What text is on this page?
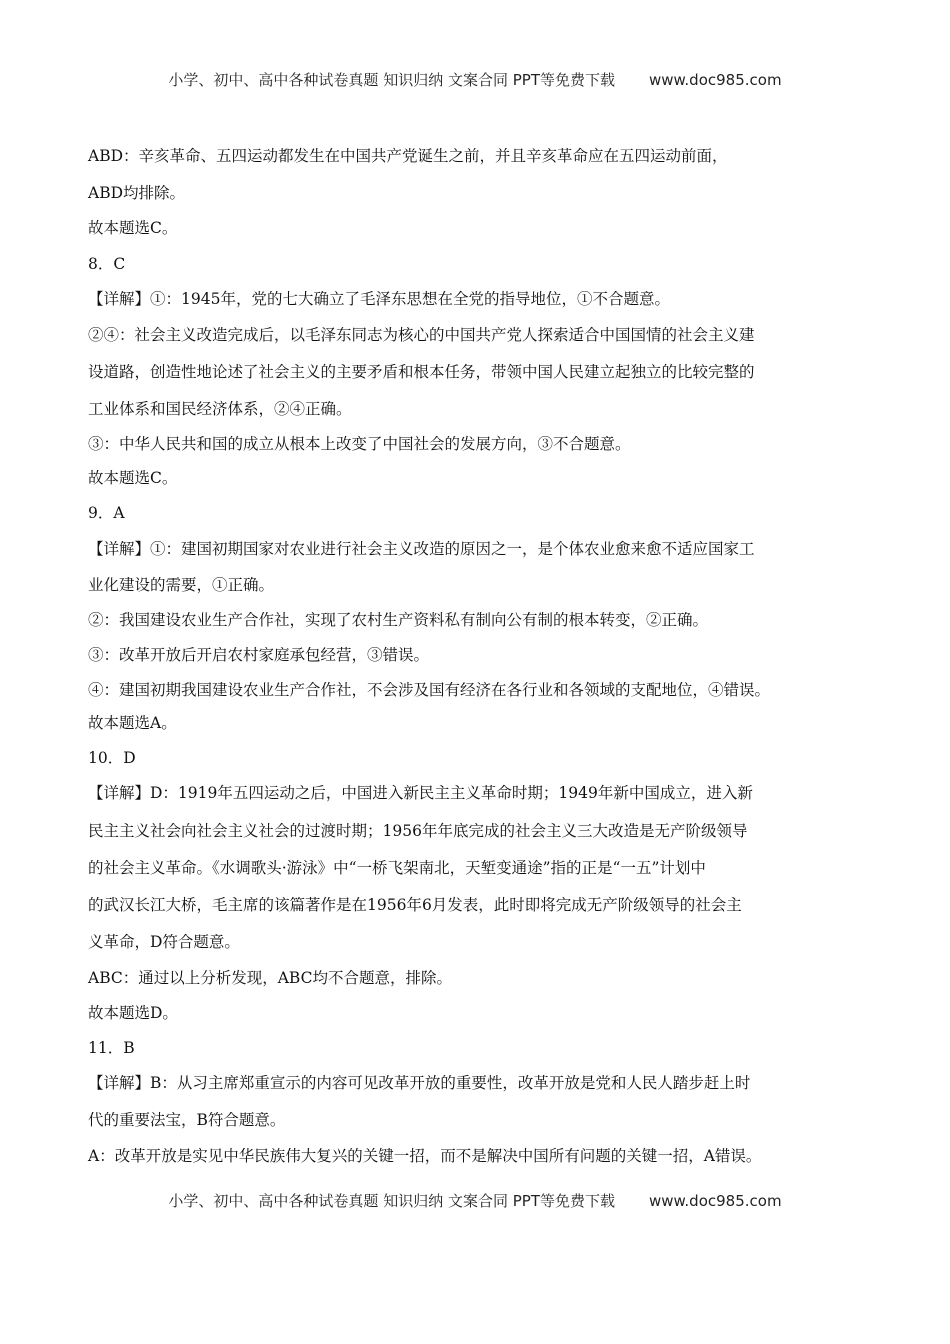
小学、初中、高中各种试卷真题 知识归纳 文案合同 PPT等免费下载 www.doc985.com
ABD：辛亥革命、五四运动都发生在中国共产党诞生之前，并且辛亥革命应在五四运动前面，
ABD均排除。
故本题选C。
8．C
【详解】①：1945年，党的七大确立了毛泽东思想在全党的指导地位，①不合题意。
②④：社会主义改造完成后，以毛泽东同志为核心的中国共产党人探索适合中国国情的社会主义建
设道路，创造性地论述了社会主义的主要矛盾和根本任务，带领中国人民建立起独立的比较完整的
工业体系和国民经济体系，②④正确。
③：中华人民共和国的成立从根本上改变了中国社会的发展方向，③不合题意。
故本题选C。
9．A
【详解】①：建国初期国家对农业进行社会主义改造的原因之一，是个体农业愈来愈不适应国家工
业化建设的需要，①正确。
②：我国建设农业生产合作社，实现了农村生产资料私有制向公有制的根本转变，②正确。
③：改革开放后开启农村家庭承包经营，③错误。
④：建国初期我国建设农业生产合作社，不会涉及国有经济在各行业和各领域的支配地位，④错误。
故本题选A。
10．D
【详解】D：1919年五四运动之后，中国进入新民主主义革命时期；1949年新中国成立，进入新
民主主义社会向社会主义社会的过渡时期；1956年年底完成的社会主义三大改造是无产阶级领导
的社会主义革命。《水调歌头·游泳》中“一桥飞架南北，天堑变通途”指的正是“一五”计划中
的武汉长江大桥，毛主席的该篇著作是在1956年6月发表，此时即将完成无产阶级领导的社会主
义革命，D符合题意。
ABC：通过以上分析发现，ABC均不合题意，排除。
故本题选D。
11．B
【详解】B：从习主席郑重宣示的内容可见改革开放的重要性，改革开放是党和人民人踏步赶上时
代的重要法宝，B符合题意。
A：改革开放是实见中华民族伟大复兴的关键一招，而不是解决中国所有问题的关键一招，A错误。
小学、初中、高中各种试卷真题 知识归纳 文案合同 PPT等免费下载 www.doc985.com
